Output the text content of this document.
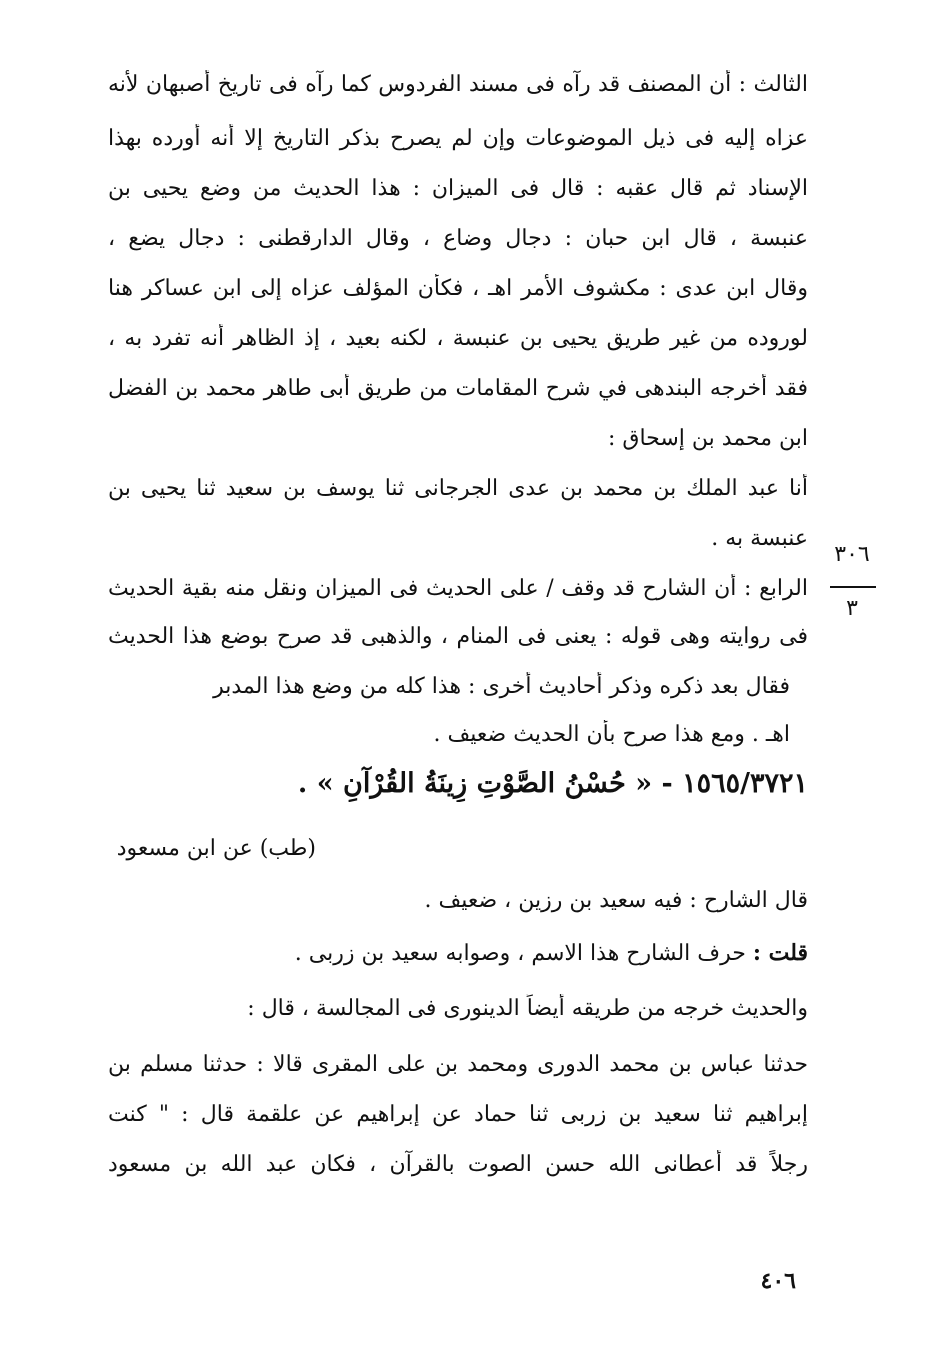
الثالث : أن المصنف قد رآه فى مسند الفردوس كما رآه فى تاريخ أصبهان لأنه
عزاه إليه فى ذيل الموضوعات وإن لم يصرح بذكر التاريخ إلا أنه أورده بهذا
الإسناد ثم قال عقبه : قال فى الميزان : هذا الحديث من وضع يحيى بن
عنبسة ، قال ابن حبان : دجال وضاع ، وقال الدارقطنى : دجال يضع ،
وقال ابن عدى : مكشوف الأمر اهـ ، فكأن المؤلف عزاه إلى ابن عساكر هنا
لوروده من غير طريق يحيى بن عنبسة ، لكنه بعيد ، إذ الظاهر أنه تفرد به ،
فقد أخرجه البندهى في شرح المقامات من طريق أبى طاهر محمد بن الفضل
ابن محمد بن إسحاق :
أنا عبد الملك بن محمد بن عدى الجرجانى ثنا يوسف بن سعيد ثنا يحيى بن
عنبسة به .
٣٠٦
٣
الرابع : أن الشارح قد وقف / على الحديث فى الميزان ونقل منه بقية الحديث
فى روايته وهى قوله : يعنى فى المنام ، والذهبى قد صرح بوضع هذا الحديث
فقال بعد ذكره وذكر أحاديث أخرى : هذا كله من وضع هذا المدبر
اهـ . ومع هذا صرح بأن الحديث ضعيف .
١٥٦٥/٣٧٢١ - « حُسْنُ الصَّوْتِ زِينَةُ القُرْآنِ » .
(طب) عن ابن مسعود
قال الشارح : فيه سعيد بن رزين ، ضعيف .
قلت : حرف الشارح هذا الاسم ، وصوابه سعيد بن زربى .
والحديث خرجه من طريقه أيضاً الدينورى فى المجالسة ، قال :
حدثنا عباس بن محمد الدورى ومحمد بن على المقرى قالا : حدثنا مسلم بن
إبراهيم ثنا سعيد بن زربى ثنا حماد عن إبراهيم عن علقمة قال : " كنت
رجلاً قد أعطانى الله حسن الصوت بالقرآن ، فكان عبد الله بن مسعود
٤٠٦
